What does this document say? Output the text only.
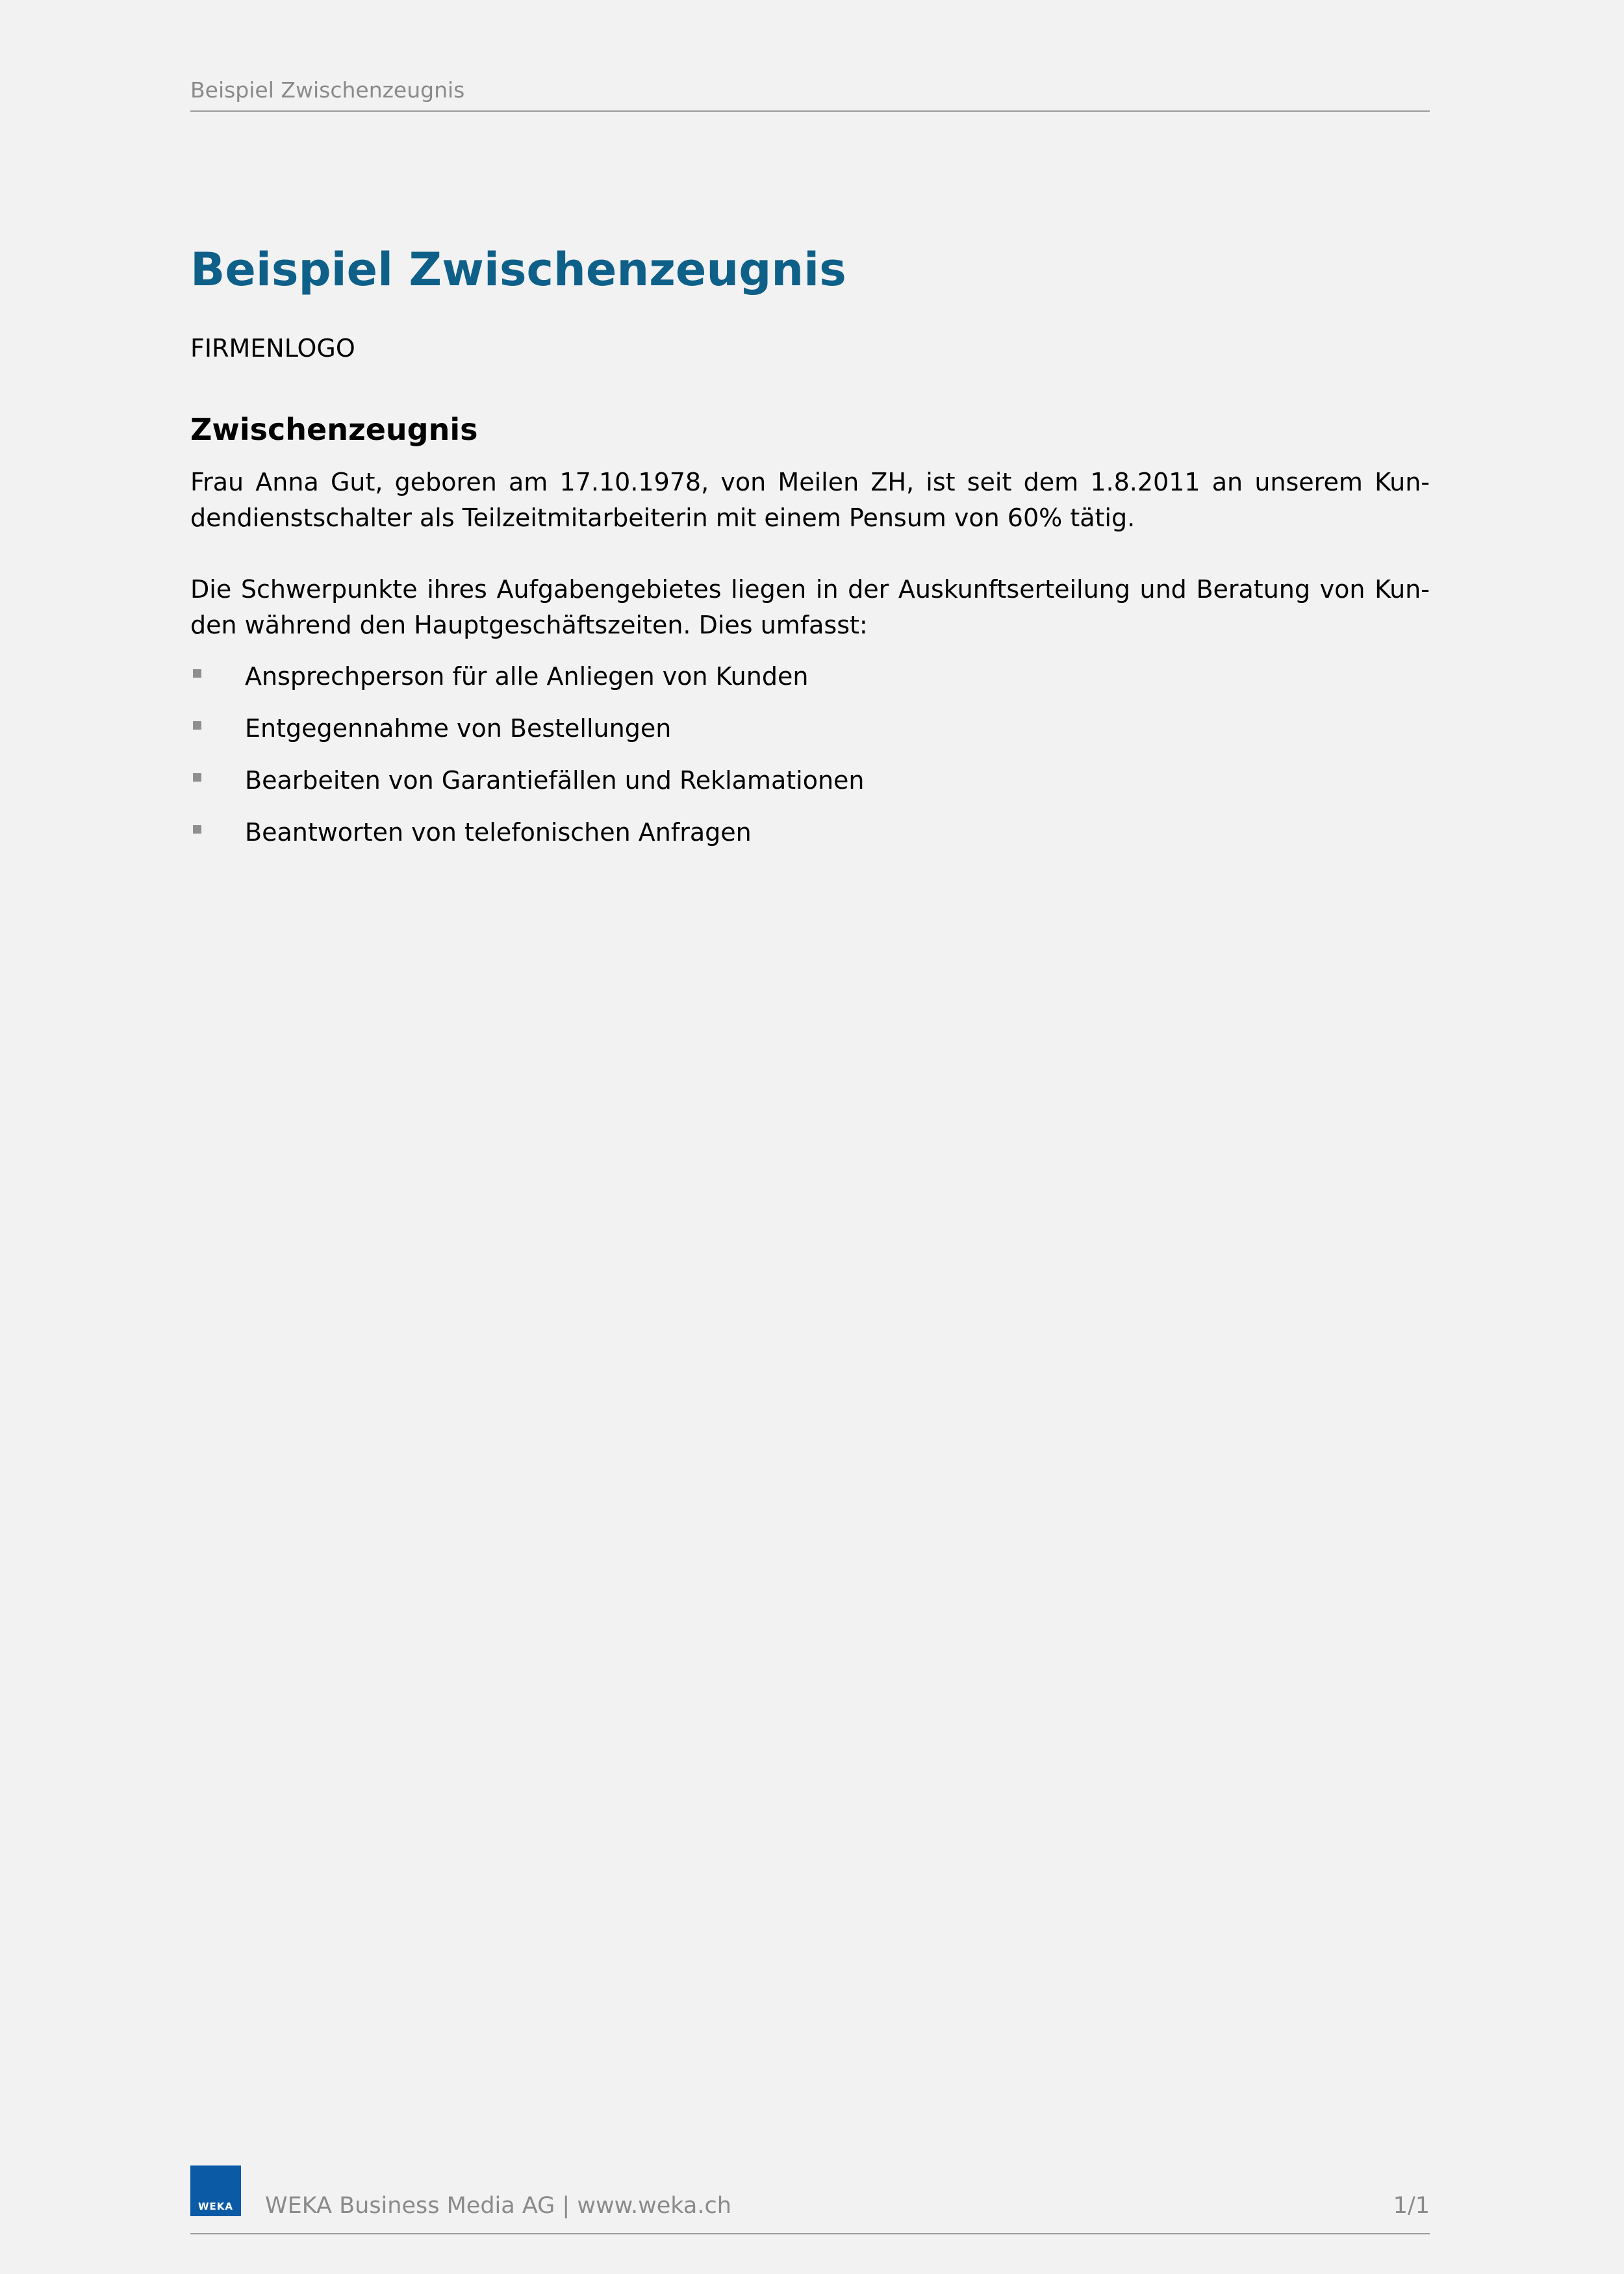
Beispiel Zwischenzeugnis
Beispiel Zwischenzeugnis
FIRMENLOGO
Zwischenzeugnis

Frau Anna Gut, geboren am 17.10.1978, von Meilen ZH, ist seit dem 1.8.2011 an unserem Kundendienstschalter als Teilzeitmitarbeiterin mit einem Pensum von 60% tätig.

Die Schwerpunkte ihres Aufgabengebietes liegen in der Auskunftserteilung und Beratung von Kunden während den Hauptgeschäftszeiten. Dies umfasst:

Ansprechperson für alle Anliegen von Kunden
Entgegennahme von Bestellungen
Bearbeiten von Garantiefällen und Reklamationen
Beantworten von telefonischen Anfragen
WEKA	WEKA Business Media AG | www.weka.ch	1/1
